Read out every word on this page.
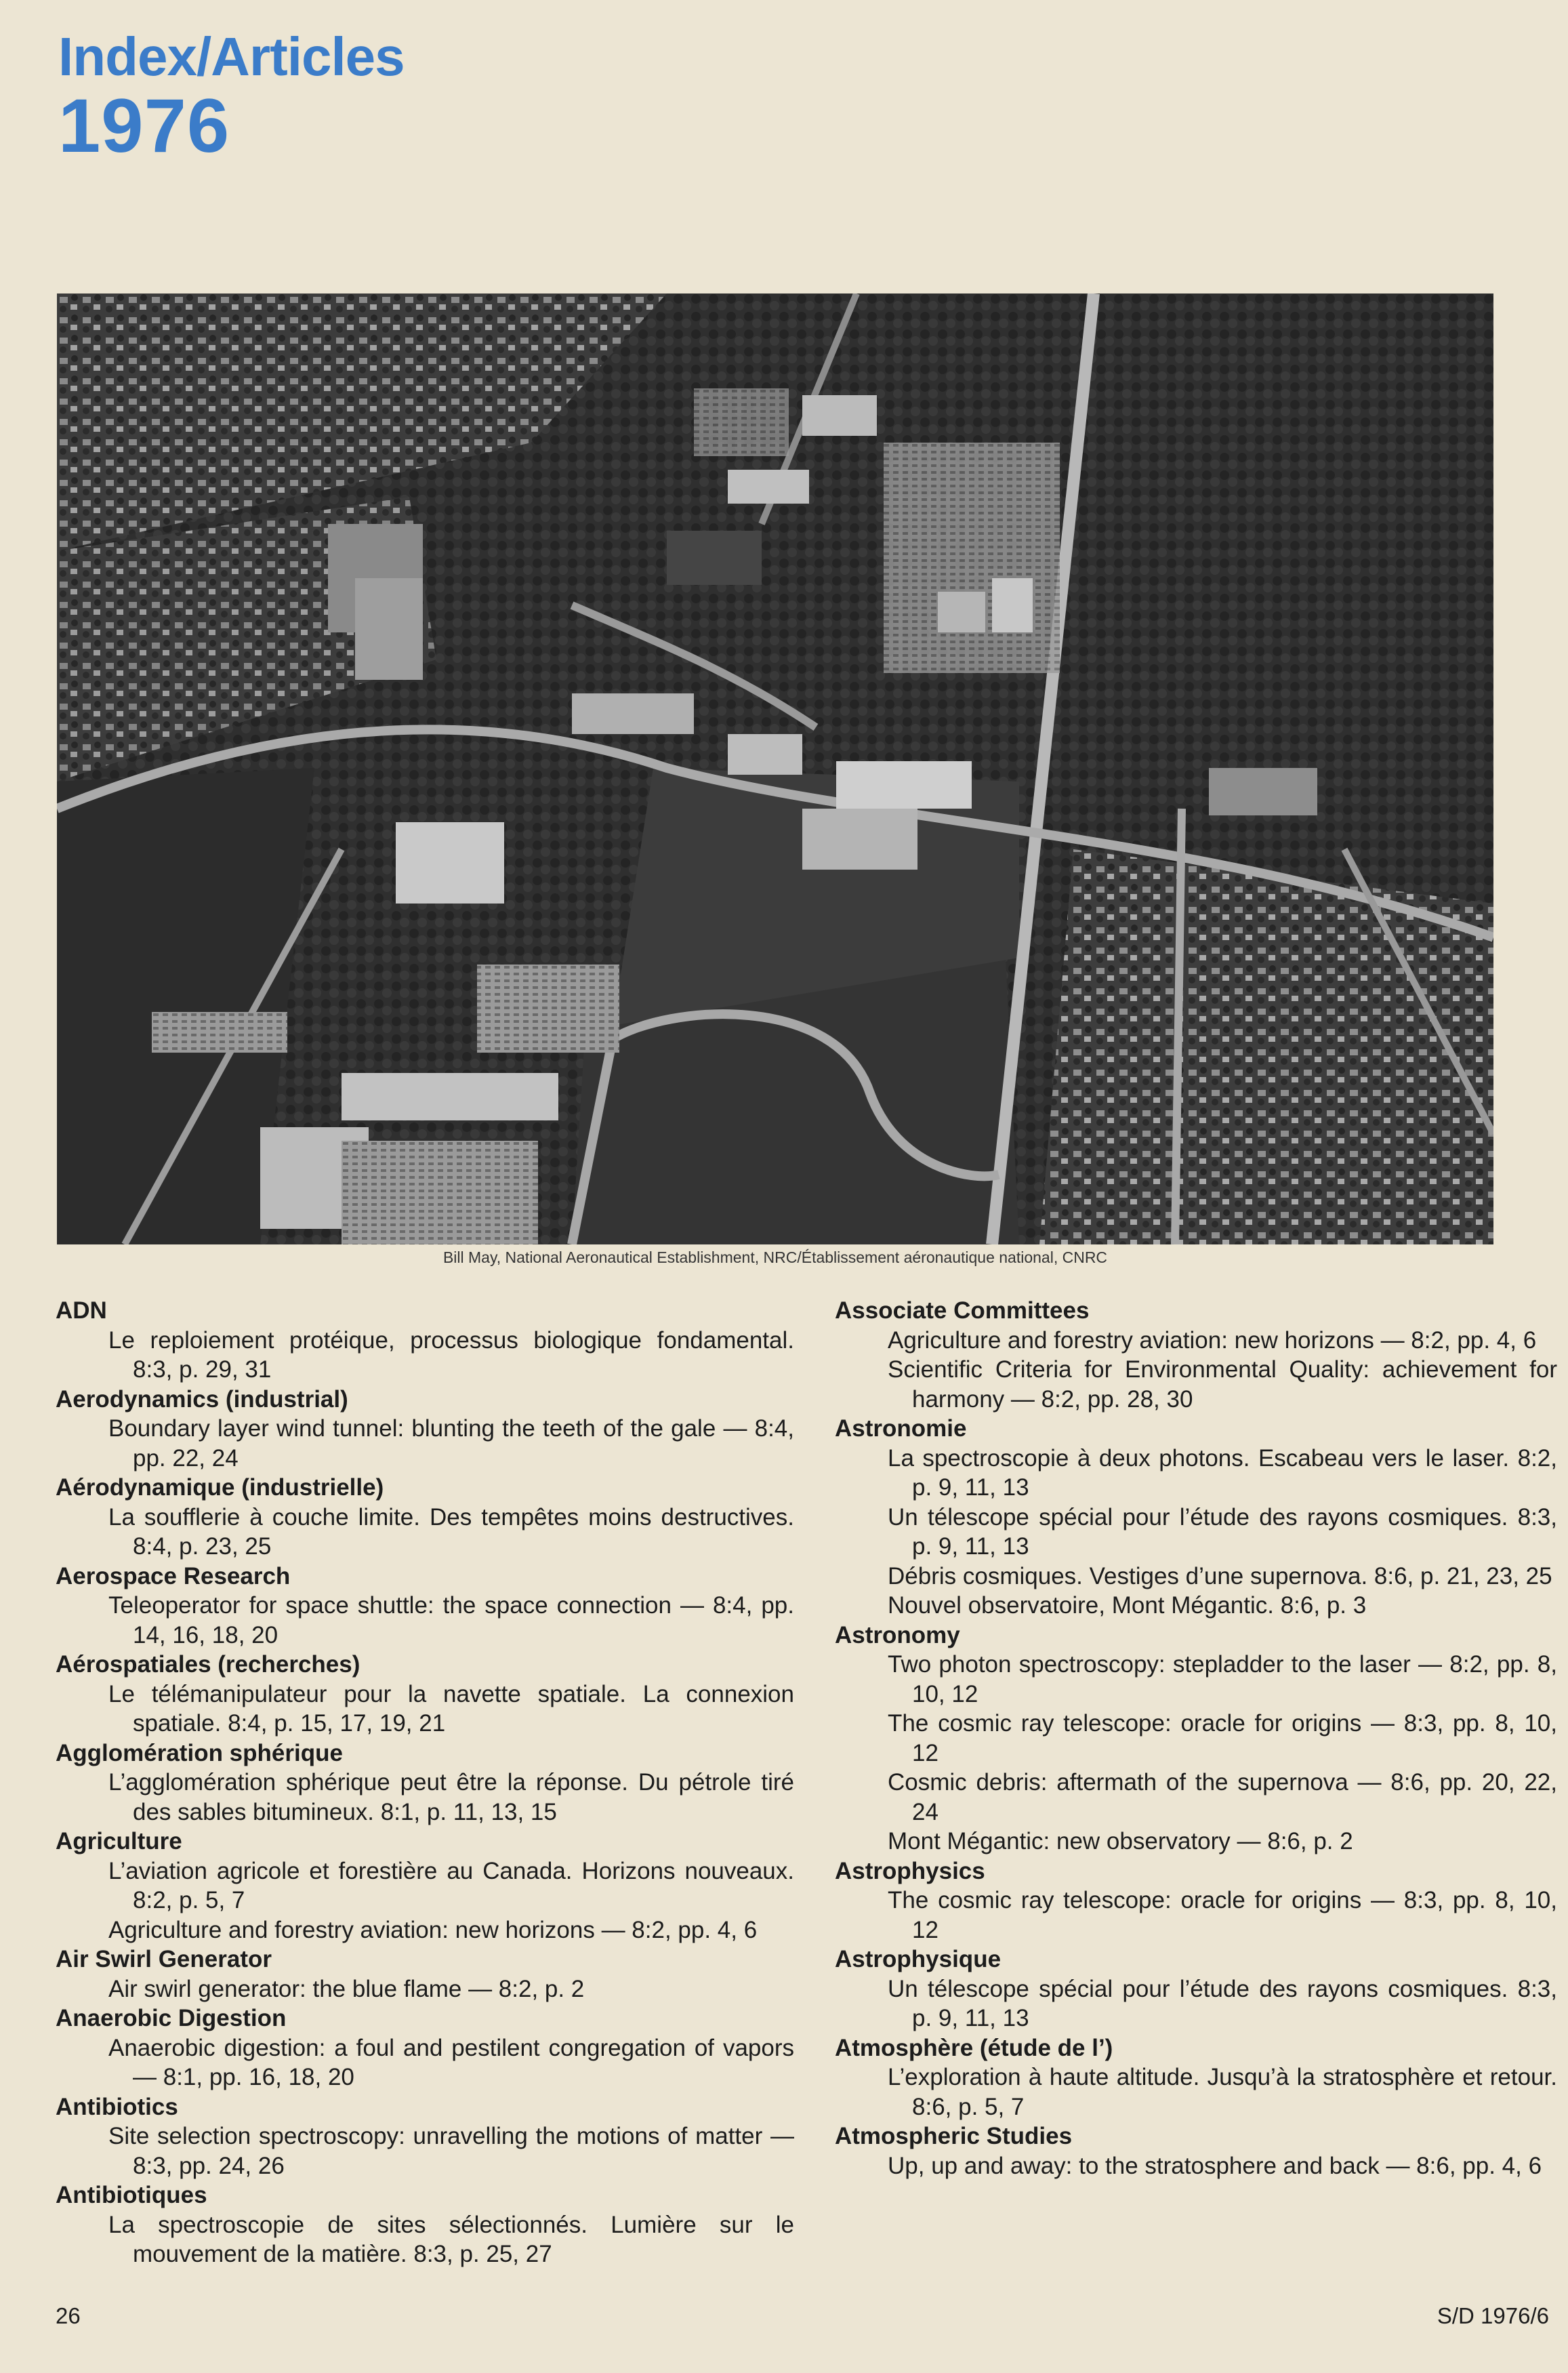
Index/Articles
1976
Bill May, National Aeronautical Establishment, NRC/Établissement aéronautique national, CNRC

ADN

Le reploiement protéique, processus biologique fondamental. 8:3, p. 29, 31

Aerodynamics (industrial)

Boundary layer wind tunnel: blunting the teeth of the gale — 8:4, pp. 22, 24

Aérodynamique (industrielle)

La soufflerie à couche limite. Des tempêtes moins destructives. 8:4, p. 23, 25

Aerospace Research

Teleoperator for space shuttle: the space connection — 8:4, pp. 14, 16, 18, 20

Aérospatiales (recherches)

Le télémanipulateur pour la navette spatiale. La connexion spatiale. 8:4, p. 15, 17, 19, 21

Agglomération sphérique

L’agglomération sphérique peut être la réponse. Du pétrole tiré des sables bitumineux. 8:1, p. 11, 13, 15

Agriculture

L’aviation agricole et forestière au Canada. Horizons nouveaux. 8:2, p. 5, 7

Agriculture and forestry aviation: new horizons — 8:2, pp. 4, 6

Air Swirl Generator

Air swirl generator: the blue flame — 8:2, p. 2

Anaerobic Digestion

Anaerobic digestion: a foul and pestilent congregation of vapors — 8:1, pp. 16, 18, 20

Antibiotics

Site selection spectroscopy: unravelling the motions of matter — 8:3, pp. 24, 26

Antibiotiques

La spectroscopie de sites sélectionnés. Lumière sur le mouvement de la matière. 8:3, p. 25, 27

Associate Committees

Agriculture and forestry aviation: new horizons — 8:2, pp. 4, 6

Scientific Criteria for Environmental Quality: achievement for harmony — 8:2, pp. 28, 30

Astronomie

La spectroscopie à deux photons. Escabeau vers le laser. 8:2, p. 9, 11, 13

Un télescope spécial pour l’étude des rayons cosmiques. 8:3, p. 9, 11, 13

Débris cosmiques. Vestiges d’une supernova. 8:6, p. 21, 23, 25

Nouvel observatoire, Mont Mégantic. 8:6, p. 3

Astronomy

Two photon spectroscopy: stepladder to the laser — 8:2, pp. 8, 10, 12

The cosmic ray telescope: oracle for origins — 8:3, pp. 8, 10, 12

Cosmic debris: aftermath of the supernova — 8:6, pp. 20, 22, 24

Mont Mégantic: new observatory — 8:6, p. 2

Astrophysics

The cosmic ray telescope: oracle for origins — 8:3, pp. 8, 10, 12

Astrophysique

Un télescope spécial pour l’étude des rayons cosmiques. 8:3, p. 9, 11, 13

Atmosphère (étude de l’)

L’exploration à haute altitude. Jusqu’à la stratosphère et retour. 8:6, p. 5, 7

Atmospheric Studies

Up, up and away: to the stratosphere and back — 8:6, pp. 4, 6

26	S/D 1976/6
